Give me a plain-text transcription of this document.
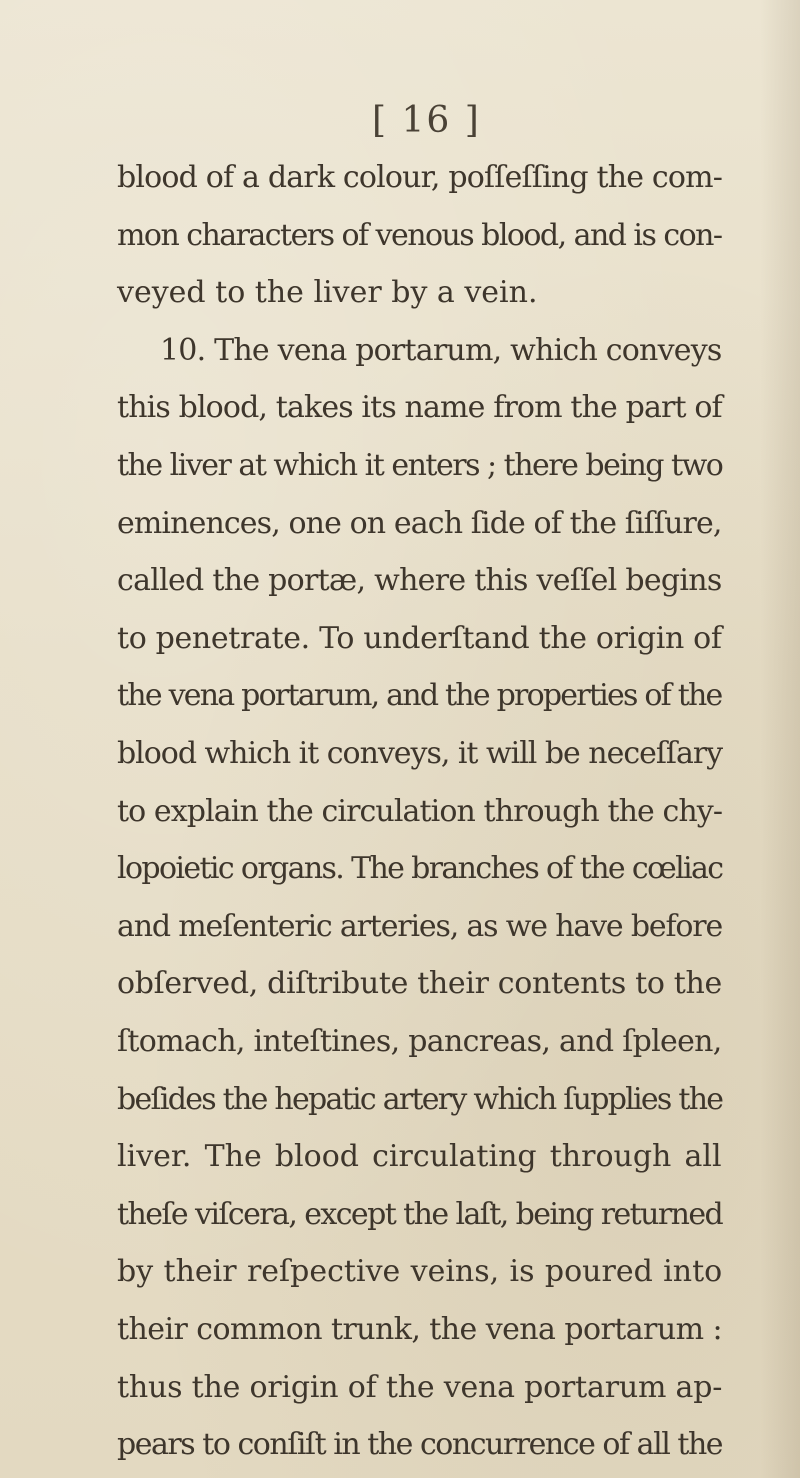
[ 16 ]
blood of a dark colour, poſſeſſing the com-
mon characters of venous blood, and is con-
veyed to the liver by a vein.
10. The vena portarum, which conveys
this blood, takes its name from the part of
the liver at which it enters ; there being two
eminences, one on each ſide of the ſiſſure,
called the portæ, where this veſſel begins
to penetrate. To underſtand the origin of
the vena portarum, and the properties of the
blood which it conveys, it will be neceſſary
to explain the circulation through the chy-
lopoietic organs. The branches of the cœliac
and meſenteric arteries, as we have before
obſerved, diſtribute their contents to the
ſtomach, inteſtines, pancreas, and ſpleen,
beſides the hepatic artery which ſupplies the
liver. The blood circulating through all
theſe viſcera, except the laſt, being returned
by their reſpective veins, is poured into
their common trunk, the vena portarum :
thus the origin of the vena portarum ap-
pears to conſiſt in the concurrence of all the
